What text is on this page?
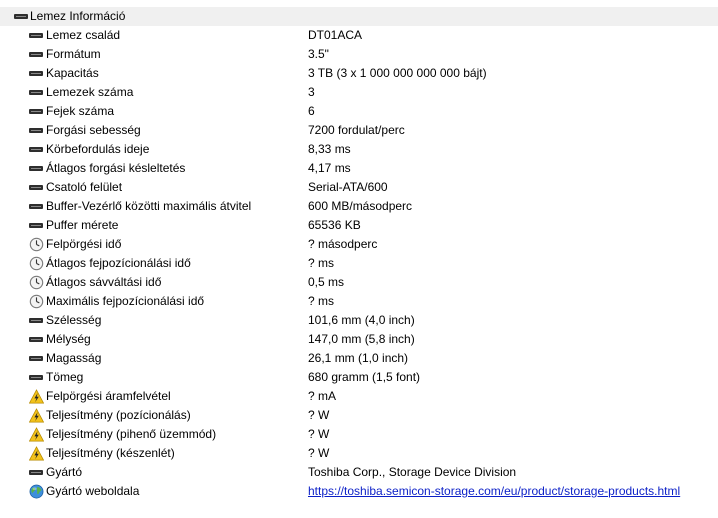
Lemez Információ
Lemez család	DT01ACA
Formátum	3.5"
Kapacitás	3 TB (3 x 1 000 000 000 000 bájt)
Lemezek száma	3
Fejek száma	6
Forgási sebesség	7200 fordulat/perc
Körbefordulás ideje	8,33 ms
Átlagos forgási késleltetés	4,17 ms
Csatoló felület	Serial-ATA/600
Buffer-Vezérlő közötti maximális átvitel	600 MB/másodperc
Puffer mérete	65536 KB
Felpörgési idő	? másodperc
Átlagos fejpozícionálási idő	? ms
Átlagos sávváltási idő	0,5 ms
Maximális fejpozícionálási idő	? ms
Szélesség	101,6 mm (4,0 inch)
Mélység	147,0 mm (5,8 inch)
Magasság	26,1 mm (1,0 inch)
Tömeg	680 gramm (1,5 font)
Felpörgési áramfelvétel	? mA
Teljesítmény (pozícionálás)	? W
Teljesítmény (pihenő üzemmód)	? W
Teljesítmény (készenlét)	? W
Gyártó	Toshiba Corp., Storage Device Division
Gyártó weboldala	https://toshiba.semicon-storage.com/eu/product/storage-products.html
